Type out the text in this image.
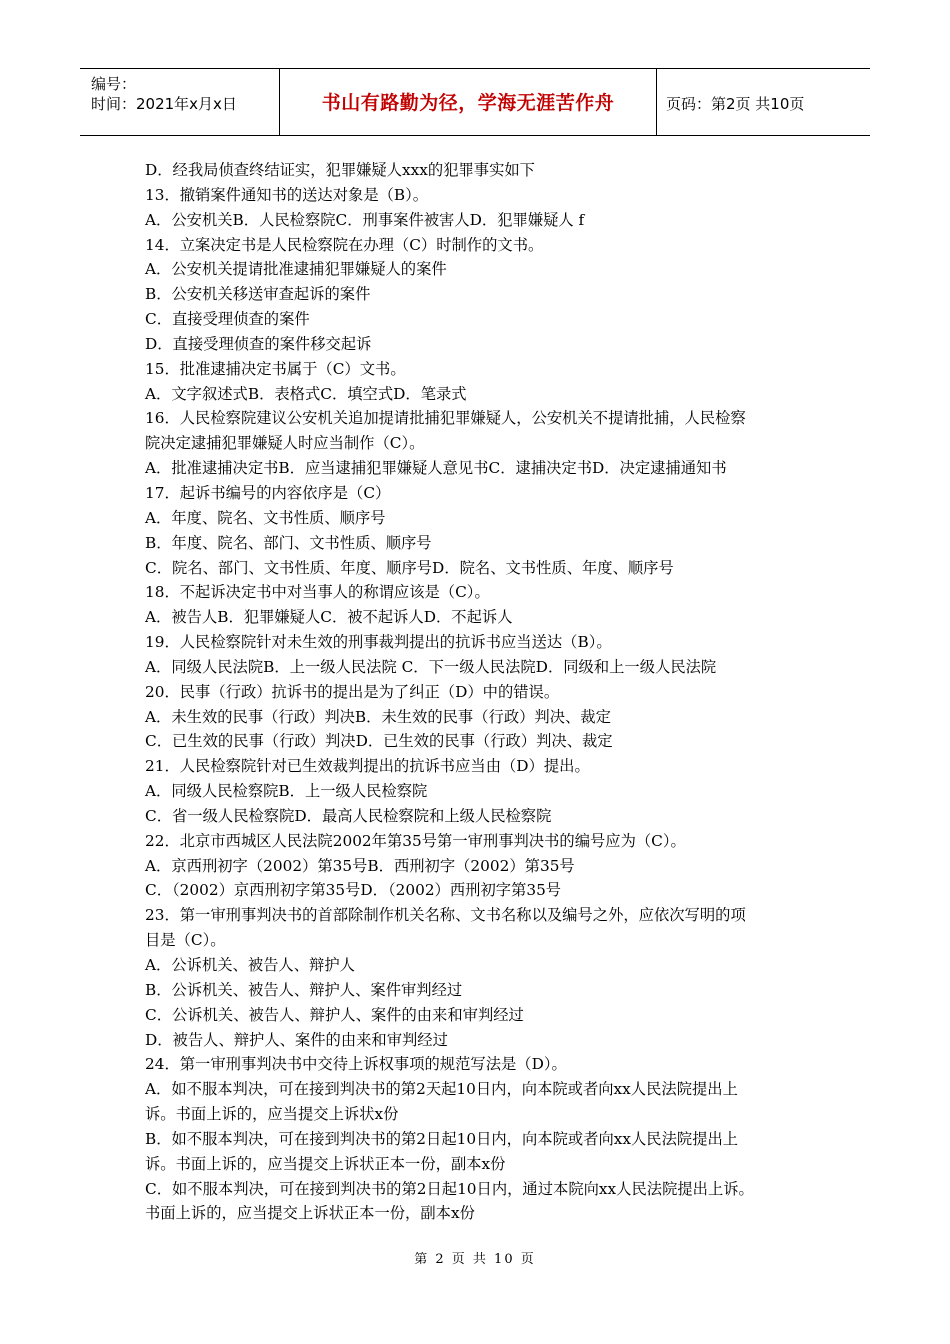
编号：
时间：2021年x月x日	书山有路勤为径，学海无涯苦作舟	页码：第2页 共10页
D．经我局侦查终结证实，犯罪嫌疑人xxx的犯罪事实如下
13．撤销案件通知书的送达对象是（B）。
A．公安机关B．人民检察院C．刑事案件被害人D．犯罪嫌疑人 f
14．立案决定书是人民检察院在办理（C）时制作的文书。
A．公安机关提请批准逮捕犯罪嫌疑人的案件
B．公安机关移送审查起诉的案件
C．直接受理侦查的案件
D．直接受理侦查的案件移交起诉
15．批准逮捕决定书属于（C）文书。
A．文字叙述式B．表格式C．填空式D．笔录式
16．人民检察院建议公安机关追加提请批捕犯罪嫌疑人，公安机关不提请批捕，人民检察
院决定逮捕犯罪嫌疑人时应当制作（C）。
A．批准逮捕决定书B．应当逮捕犯罪嫌疑人意见书C．逮捕决定书D．决定逮捕通知书
17．起诉书编号的内容依序是（C）
A．年度、院名、文书性质、顺序号
B．年度、院名、部门、文书性质、顺序号
C．院名、部门、文书性质、年度、顺序号D．院名、文书性质、年度、顺序号
18．不起诉决定书中对当事人的称谓应该是（C）。
A．被告人B．犯罪嫌疑人C．被不起诉人D．不起诉人
19．人民检察院针对未生效的刑事裁判提出的抗诉书应当送达（B）。
A．同级人民法院B．上一级人民法院 C．下一级人民法院D．同级和上一级人民法院
20．民事（行政）抗诉书的提出是为了纠正（D）中的错误。
A．未生效的民事（行政）判决B．未生效的民事（行政）判决、裁定
C．已生效的民事（行政）判决D．已生效的民事（行政）判决、裁定
21．人民检察院针对已生效裁判提出的抗诉书应当由（D）提出。
A．同级人民检察院B．上一级人民检察院
C．省一级人民检察院D．最高人民检察院和上级人民检察院
22．北京市西城区人民法院2002年第35号第一审刑事判决书的编号应为（C）。
A．京西刑初字（2002）第35号B．西刑初字（2002）第35号
C．（2002）京西刑初字第35号D．（2002）西刑初字第35号
23．第一审刑事判决书的首部除制作机关名称、文书名称以及编号之外，应依次写明的项
目是（C）。
A．公诉机关、被告人、辩护人
B．公诉机关、被告人、辩护人、案件审判经过
C．公诉机关、被告人、辩护人、案件的由来和审判经过
D．被告人、辩护人、案件的由来和审判经过
24．第一审刑事判决书中交待上诉权事项的规范写法是（D）。
A．如不服本判决，可在接到判决书的第2天起10日内，向本院或者向xx人民法院提出上
诉。书面上诉的，应当提交上诉状x份
B．如不服本判决，可在接到判决书的第2日起10日内，向本院或者向xx人民法院提出上
诉。书面上诉的，应当提交上诉状正本一份，副本x份
C．如不服本判决，可在接到判决书的第2日起10日内，通过本院向xx人民法院提出上诉。
书面上诉的，应当提交上诉状正本一份，副本x份
第 2 页 共 10 页
